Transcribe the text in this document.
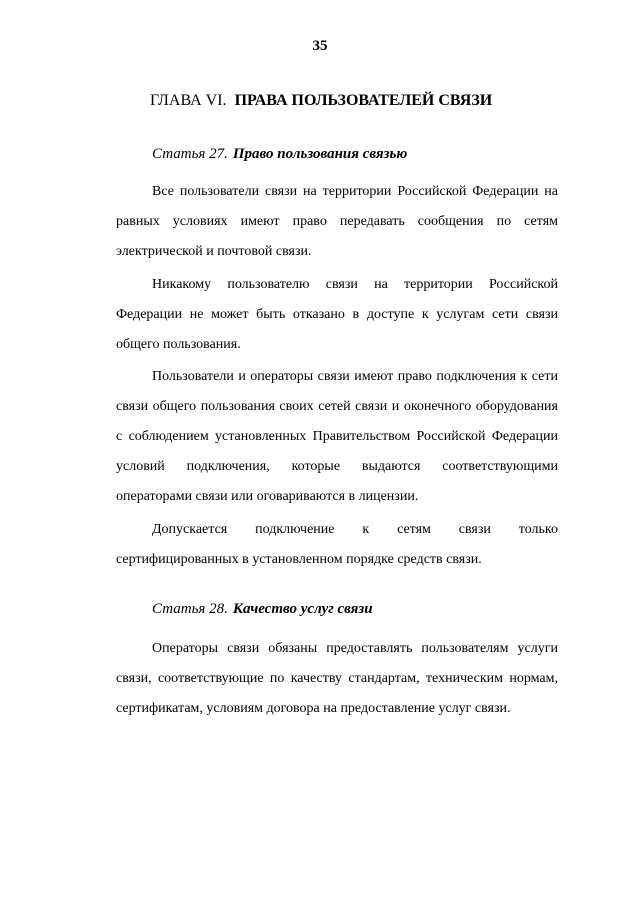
35
ГЛАВА VI. ПРАВА ПОЛЬЗОВАТЕЛЕЙ СВЯЗИ
Статья 27. Право пользования связью

Все пользователи связи на территории Российской Федерации на равных условиях имеют право передавать сообщения по сетям электрической и почтовой связи.

Никакому пользователю связи на территории Российской Федерации не может быть отказано в доступе к услугам сети связи общего пользования.

Пользователи и операторы связи имеют право подключения к сети связи общего пользования своих сетей связи и оконечного оборудования с соблюдением установленных Правительством Российской Федерации условий подключения, которые выдаются соответствующими операторами связи или оговариваются в лицензии.

Допускается подключение к сетям связи только сертифицированных в установленном порядке средств связи.

Статья 28. Качество услуг связи

Операторы связи обязаны предоставлять пользователям услуги связи, соответствующие по качеству стандартам, техническим нормам, сертификатам, условиям договора на предоставление услуг связи.
